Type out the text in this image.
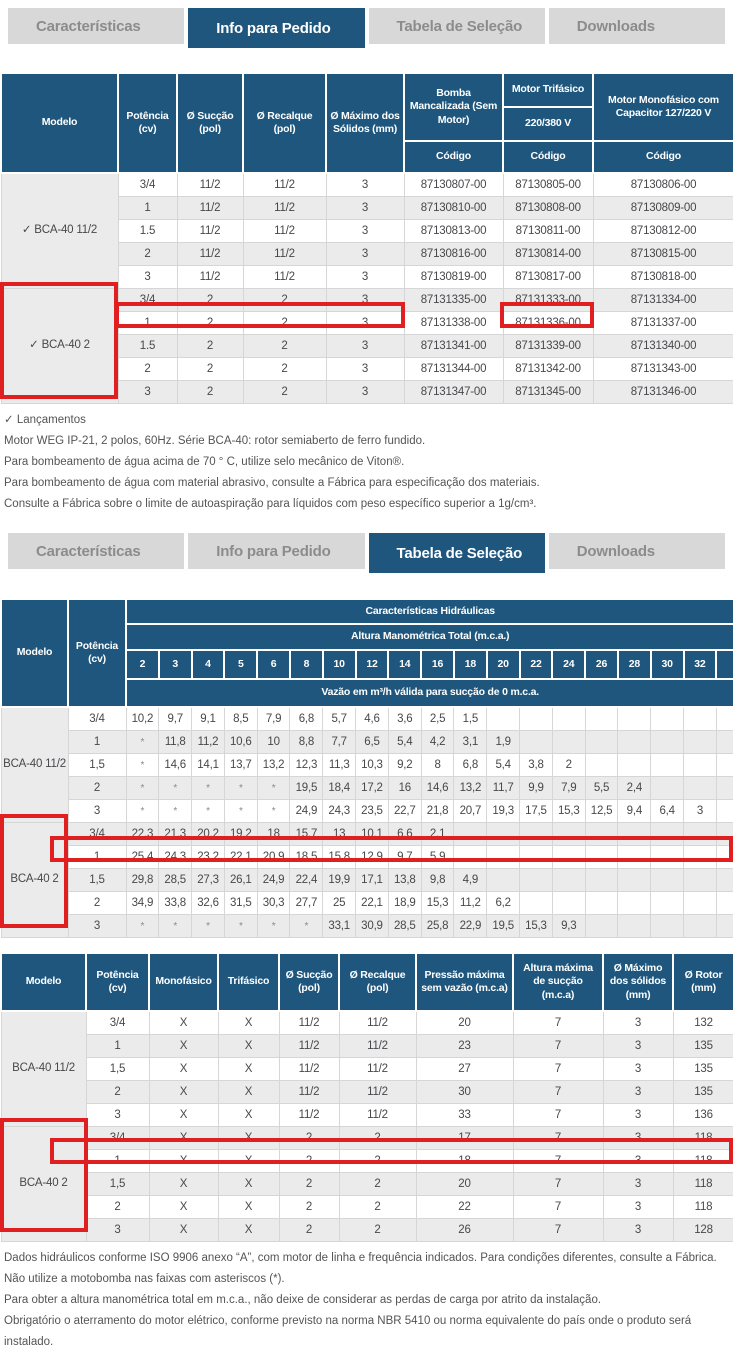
Características	Info para Pedido	Tabela de Seleção	Downloads
Modelo	Potência (cv)	Ø Sucção (pol)	Ø Recalque (pol)	Ø Máximo dos Sólidos (mm)	Bomba Mancalizada (Sem Motor)	Motor Trifásico	Motor Monofásico com Capacitor 127/220 V
						220/380 V	
					Código	Código	Código
✓ BCA-40 11/2	3/4	11/2	11/2	3	87130807-00	87130805-00	87130806-00
	1	11/2	11/2	3	87130810-00	87130808-00	87130809-00
	1.5	11/2	11/2	3	87130813-00	87130811-00	87130812-00
	2	11/2	11/2	3	87130816-00	87130814-00	87130815-00
	3	11/2	11/2	3	87130819-00	87130817-00	87130818-00
✓ BCA-40 2	3/4	2	2	3	87131335-00	87131333-00	87131334-00
	1	2	2	3	87131338-00	87131336-00	87131337-00
	1.5	2	2	3	87131341-00	87131339-00	87131340-00
	2	2	2	3	87131344-00	87131342-00	87131343-00
	3	2	2	3	87131347-00	87131345-00	87131346-00
✓ Lançamentos
Motor WEG IP-21, 2 polos, 60Hz. Série BCA-40: rotor semiaberto de ferro fundido.
Para bombeamento de água acima de 70 ° C, utilize selo mecânico de Viton®.
Para bombeamento de água com material abrasivo, consulte a Fábrica para especificação dos materiais.
Consulte a Fábrica sobre o limite de autoaspiração para líquidos com peso específico superior a 1g/cm³.
Características	Info para Pedido	Tabela de Seleção	Downloads
Modelo	Potência (cv)	Características Hidráulicas																		
		Altura Manométrica Total (m.c.a.)																		
		2	3	4	5	6	8	10	12	14	16	18	20	22	24	26	28	30	32	
		Vazão em m³/h válida para sucção de 0 m.c.a.																		
BCA-40 11/2	3/4	10,2	9,7	9,1	8,5	7,9	6,8	5,7	4,6	3,6	2,5	1,5								
	1	*	11,8	11,2	10,6	10	8,8	7,7	6,5	5,4	4,2	3,1	1,9							
	1,5	*	14,6	14,1	13,7	13,2	12,3	11,3	10,3	9,2	8	6,8	5,4	3,8	2					
	2	*	*	*	*	*	19,5	18,4	17,2	16	14,6	13,2	11,7	9,9	7,9	5,5	2,4			
	3	*	*	*	*	*	24,9	24,3	23,5	22,7	21,8	20,7	19,3	17,5	15,3	12,5	9,4	6,4	3	
BCA-40 2	3/4	22,3	21,3	20,2	19,2	18	15,7	13	10,1	6,6	2,1									
	1	25,4	24,3	23,2	22,1	20,9	18,5	15,8	12,9	9,7	5,9									
	1,5	29,8	28,5	27,3	26,1	24,9	22,4	19,9	17,1	13,8	9,8	4,9								
	2	34,9	33,8	32,6	31,5	30,3	27,7	25	22,1	18,9	15,3	11,2	6,2							
	3	*	*	*	*	*	*	33,1	30,9	28,5	25,8	22,9	19,5	15,3	9,3					
Modelo	Potência (cv)	Monofásico	Trifásico	Ø Sucção (pol)	Ø Recalque (pol)	Pressão máxima sem vazão (m.c.a)	Altura máxima de sucção (m.c.a)	Ø Máximo dos sólidos (mm)	Ø Rotor (mm)
BCA-40 11/2	3/4	X	X	11/2	11/2	20	7	3	132
	1	X	X	11/2	11/2	23	7	3	135
	1,5	X	X	11/2	11/2	27	7	3	135
	2	X	X	11/2	11/2	30	7	3	135
	3	X	X	11/2	11/2	33	7	3	136
BCA-40 2	3/4	X	X	2	2	17	7	3	118
	1	X	X	2	2	18	7	3	118
	1,5	X	X	2	2	20	7	3	118
	2	X	X	2	2	22	7	3	118
	3	X	X	2	2	26	7	3	128
Dados hidráulicos conforme ISO 9906 anexo “A”, com motor de linha e frequência indicados. Para condições diferentes, consulte a Fábrica.
Não utilize a motobomba nas faixas com asteriscos (*).
Para obter a altura manométrica total em m.c.a., não deixe de considerar as perdas de carga por atrito da instalação.
Obrigatório o aterramento do motor elétrico, conforme previsto na norma NBR 5410 ou norma equivalente do país onde o produto será instalado.
